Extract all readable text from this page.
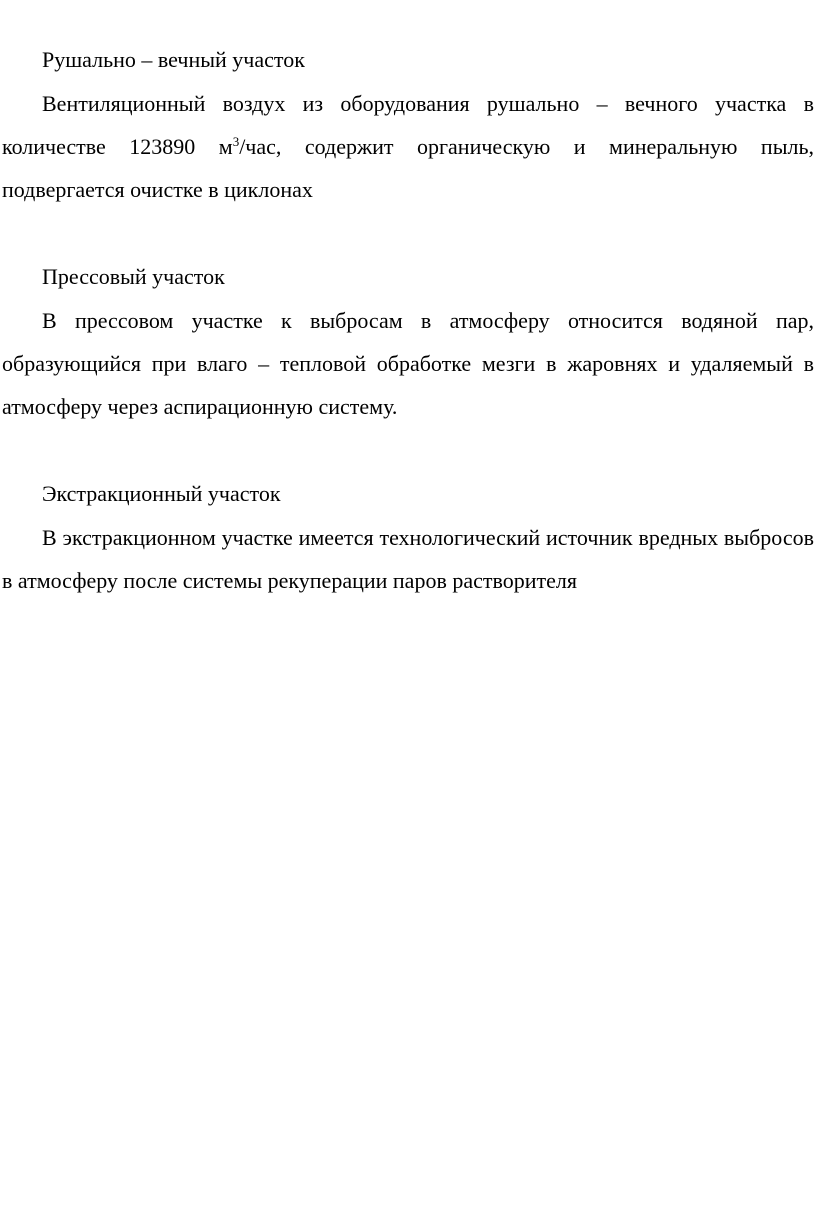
Рушально – вечный участок

Вентиляционный воздух из оборудования рушально – вечного участка в количестве 123890 $м^3$/час, содержит органическую и минеральную пыль, подвергается очистке в циклонах

Прессовый участок

В прессовом участке к выбросам в атмосферу относится водяной пар, образующийся при влаго – тепловой обработке мезги в жаровнях и удаляемый в атмосферу через аспирационную систему.

Экстракционный участок

В экстракционном участке имеется технологический источник вредных выбросов в атмосферу после системы рекуперации паров растворителя
